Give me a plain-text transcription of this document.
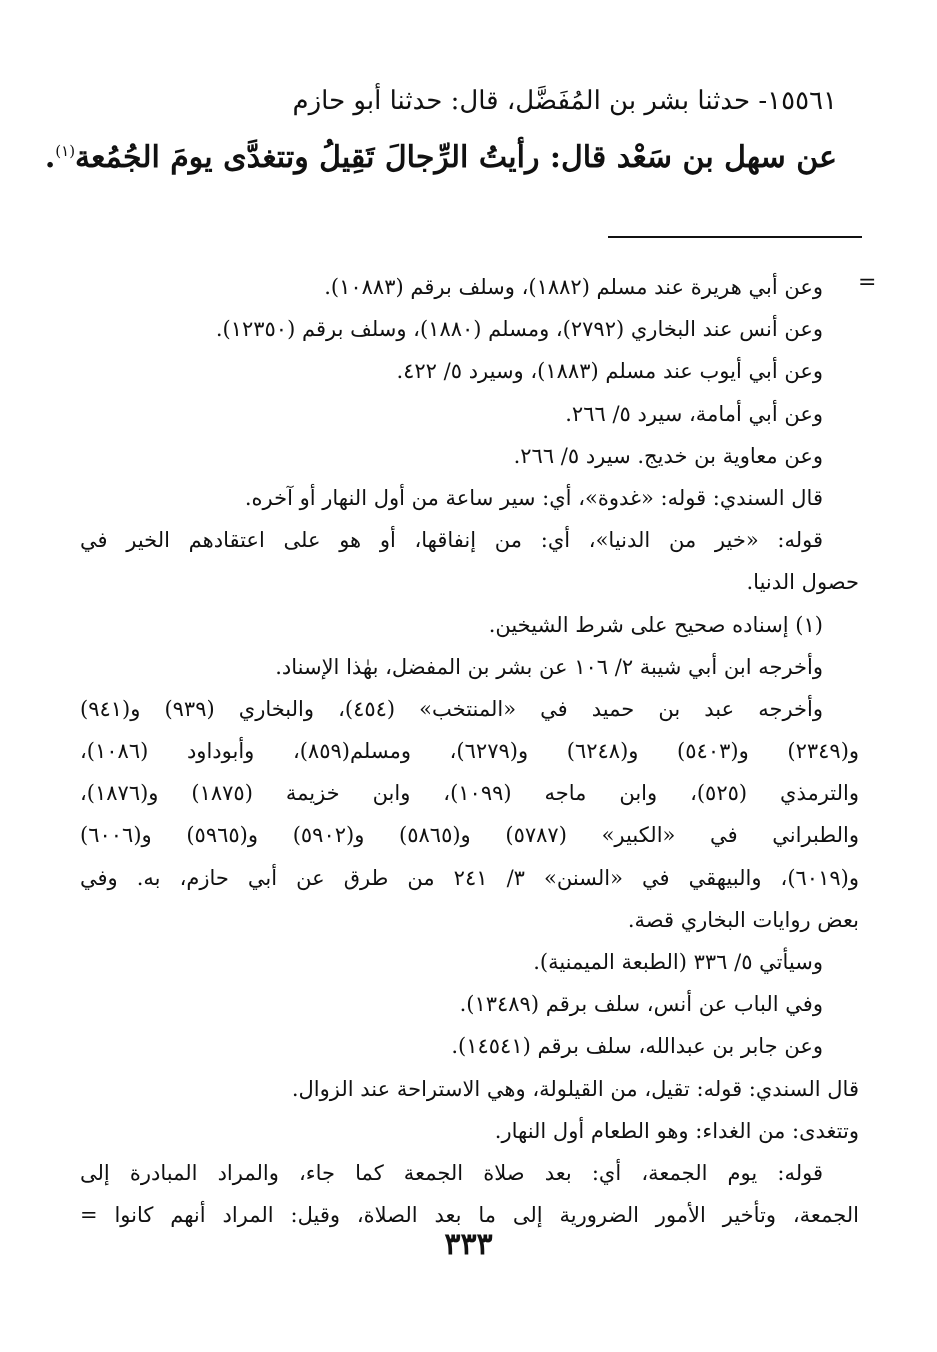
١٥٥٦١- حدثنا بشر بن المُفَضَّل، قال: حدثنا أبو حازم
عن سهل بن سَعْد قال: رأيتُ الرِّجالَ تَقِيلُ وتتغدَّى يومَ الجُمُعة$^{(١)}$.
=
وعن أبي هريرة عند مسلم (١٨٨٢)، وسلف برقم (١٠٨٨٣).
وعن أنس عند البخاري (٢٧٩٢)، ومسلم (١٨٨٠)، وسلف برقم (١٢٣٥٠).
وعن أبي أيوب عند مسلم (١٨٨٣)، وسيرد ٥/ ٤٢٢.
وعن أبي أمامة، سيرد ٥/ ٢٦٦.
وعن معاوية بن خديج. سيرد ٥/ ٢٦٦.
قال السندي: قوله: «غدوة»، أي: سير ساعة من أول النهار أو آخره.
قوله: «خير من الدنيا»، أي: من إنفاقها، أو هو على اعتقادهم الخير في
حصول الدنيا.
(١) إسناده صحيح على شرط الشيخين.
وأخرجه ابن أبي شيبة ٢/ ١٠٦ عن بشر بن المفضل، بهٰذا الإسناد.
وأخرجه عبد بن حميد في «المنتخب» (٤٥٤)، والبخاري (٩٣٩) و(٩٤١)
و(٢٣٤٩) و(٥٤٠٣) و(٦٢٤٨) و(٦٢٧٩)، ومسلم(٨٥٩)، وأبوداود (١٠٨٦)،
والترمذي (٥٢٥)، وابن ماجه (١٠٩٩)، وابن خزيمة (١٨٧٥) و(١٨٧٦)،
والطبراني في «الكبير» (٥٧٨٧) و(٥٨٦٥) و(٥٩٠٢) و(٥٩٦٥) و(٦٠٠٦)
و(٦٠١٩)، والبيهقي في «السنن» ٣/ ٢٤١ من طرق عن أبي حازم، به. وفي
بعض روايات البخاري قصة.
وسيأتي ٥/ ٣٣٦ (الطبعة الميمنية).
وفي الباب عن أنس، سلف برقم (١٣٤٨٩).
وعن جابر بن عبدالله، سلف برقم (١٤٥٤١).
قال السندي: قوله: تقيل، من القيلولة، وهي الاستراحة عند الزوال.
وتتغدى: من الغداء: وهو الطعام أول النهار.
قوله: يوم الجمعة، أي: بعد صلاة الجمعة كما جاء، والمراد المبادرة إلى
الجمعة، وتأخير الأمور الضرورية إلى ما بعد الصلاة، وقيل: المراد أنهم كانوا =
٣٣٣
